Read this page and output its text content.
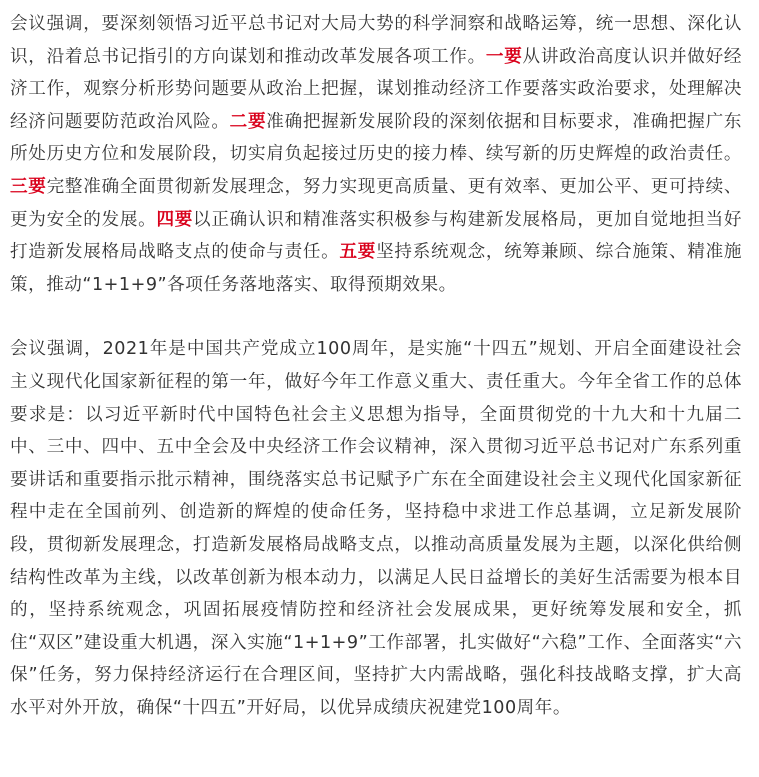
会议强调，要深刻领悟习近平总书记对大局大势的科学洞察和战略运筹，统一思想、深化认识，沿着总书记指引的方向谋划和推动改革发展各项工作。一要从讲政治高度认识并做好经济工作，观察分析形势问题要从政治上把握，谋划推动经济工作要落实政治要求，处理解决经济问题要防范政治风险。二要准确把握新发展阶段的深刻依据和目标要求，准确把握广东所处历史方位和发展阶段，切实肩负起接过历史的接力棒、续写新的历史辉煌的政治责任。三要完整准确全面贯彻新发展理念，努力实现更高质量、更有效率、更加公平、更可持续、更为安全的发展。四要以正确认识和精准落实积极参与构建新发展格局，更加自觉地担当好打造新发展格局战略支点的使命与责任。五要坚持系统观念，统筹兼顾、综合施策、精准施策，推动“1+1+9”各项任务落地落实、取得预期效果。

会议强调，2021年是中国共产党成立100周年，是实施“十四五”规划、开启全面建设社会主义现代化国家新征程的第一年，做好今年工作意义重大、责任重大。今年全省工作的总体要求是：以习近平新时代中国特色社会主义思想为指导，全面贯彻党的十九大和十九届二中、三中、四中、五中全会及中央经济工作会议精神，深入贯彻习近平总书记对广东系列重要讲话和重要指示批示精神，围绕落实总书记赋予广东在全面建设社会主义现代化国家新征程中走在全国前列、创造新的辉煌的使命任务，坚持稳中求进工作总基调，立足新发展阶段，贯彻新发展理念，打造新发展格局战略支点，以推动高质量发展为主题，以深化供给侧结构性改革为主线，以改革创新为根本动力，以满足人民日益增长的美好生活需要为根本目的，坚持系统观念，巩固拓展疫情防控和经济社会发展成果，更好统筹发展和安全，抓住“双区”建设重大机遇，深入实施“1+1+9”工作部署，扎实做好“六稳”工作、全面落实“六保”任务，努力保持经济运行在合理区间，坚持扩大内需战略，强化科技战略支撑，扩大高水平对外开放，确保“十四五”开好局，以优异成绩庆祝建党100周年。
